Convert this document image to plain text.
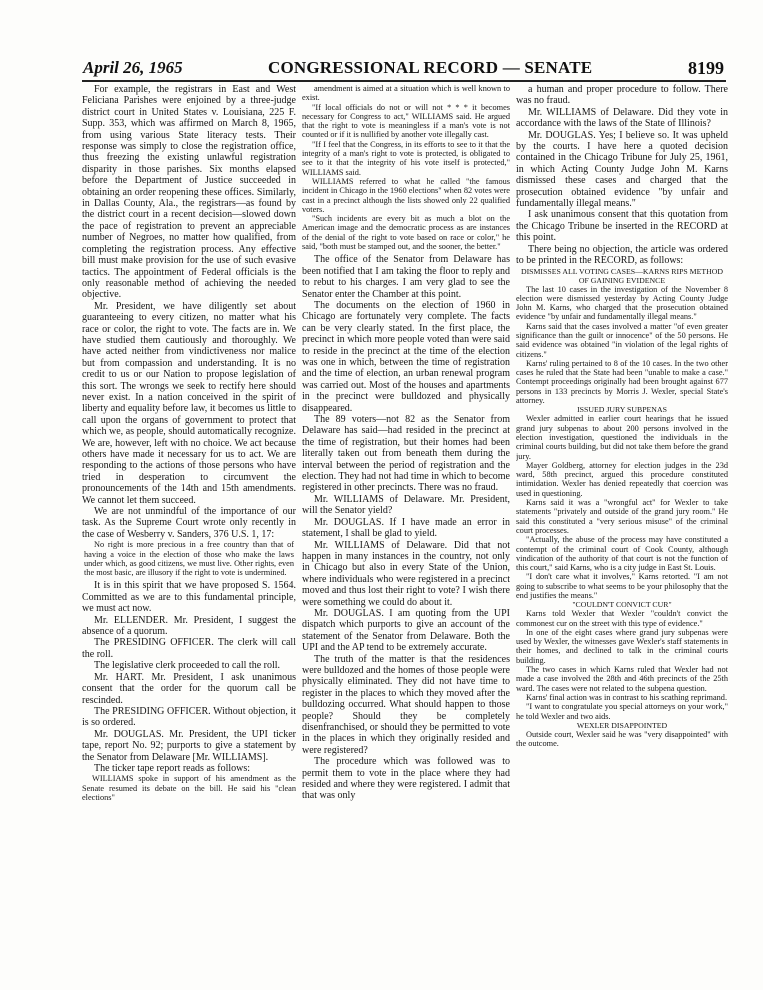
April 26, 1965	CONGRESSIONAL RECORD — SENATE	8199

For example, the registrars in East and West Feliciana Parishes were enjoined by a three-judge district court in United States v. Louisiana, 225 F. Supp. 353, which was affirmed on March 8, 1965, from using various State literacy tests. Their response was simply to close the registration office, thus freezing the existing unlawful registration disparity in those parishes. Six months elapsed before the Department of Justice succeeded in obtaining an order reopening these offices. Similarly, in Dallas County, Ala., the registrars—as found by the district court in a recent decision—slowed down the pace of registration to prevent an appreciable number of Negroes, no matter how qualified, from completing the registration process. Any effective bill must make provision for the use of such evasive tactics. The appointment of Federal officials is the only reasonable method of achieving the needed objective.

Mr. President, we have diligently set about guaranteeing to every citizen, no matter what his race or color, the right to vote. The facts are in. We have studied them cautiously and thoroughly. We have acted neither from vindictiveness nor malice but from compassion and understanding. It is no credit to us or our Nation to propose legislation of this sort. The wrongs we seek to rectify here should never exist. In a nation conceived in the spirit of liberty and equality before law, it becomes us little to call upon the organs of government to protect that which we, as people, should automatically recognize. We are, however, left with no choice. We act because others have made it necessary for us to act. We are responding to the actions of those persons who have tried in desperation to circumvent the pronouncements of the 14th and 15th amendments. We cannot let them succeed.

We are not unmindful of the importance of our task. As the Supreme Court wrote only recently in the case of Wesberry v. Sanders, 376 U.S. 1, 17:

No right is more precious in a free country than that of having a voice in the election of those who make the laws under which, as good citizens, we must live. Other rights, even the most basic, are illusory if the right to vote is undermined.

It is in this spirit that we have proposed S. 1564. Committed as we are to this fundamental principle, we must act now.

Mr. ELLENDER. Mr. President, I suggest the absence of a quorum.

The PRESIDING OFFICER. The clerk will call the roll.

The legislative clerk proceeded to call the roll.

Mr. HART. Mr. President, I ask unanimous consent that the order for the quorum call be rescinded.

The PRESIDING OFFICER. Without objection, it is so ordered.

Mr. DOUGLAS. Mr. President, the UPI ticker tape, report No. 92; purports to give a statement by the Senator from Delaware [Mr. WILLIAMS].

The ticker tape report reads as follows:

WILLIAMS spoke in support of his amendment as the Senate resumed its debate on the bill. He said his "clean elections"

amendment is aimed at a situation which is well known to exist.

"If local officials do not or will not * * * it becomes necessary for Congress to act," WILLIAMS said. He argued that the right to vote is meaningless if a man's vote is not counted or if it is nullified by another vote illegally cast.

"If I feel that the Congress, in its efforts to see to it that the integrity of a man's right to vote is protected, is obligated to see to it that the integrity of his vote itself is protected," WILLIAMS said.

WILLIAMS referred to what he called "the famous incident in Chicago in the 1960 elections" when 82 votes were cast in a precinct although the lists showed only 22 qualified voters.

"Such incidents are every bit as much a blot on the American image and the democratic process as are instances of the denial of the right to vote based on race or color," he said, "both must be stamped out, and the sooner, the better."

The office of the Senator from Delaware has been notified that I am taking the floor to reply and to rebut to his charges. I am very glad to see the Senator enter the Chamber at this point.

The documents on the election of 1960 in Chicago are fortunately very complete. The facts can be very clearly stated. In the first place, the precinct in which more people voted than were said to reside in the precinct at the time of the election was one in which, between the time of registration and the time of election, an urban renewal program was carried out. Most of the houses and apartments in the precinct were bulldozed and physically disappeared.

The 89 voters—not 82 as the Senator from Delaware has said—had resided in the precinct at the time of registration, but their homes had been literally taken out from beneath them during the interval between the period of registration and the election. They had not had time in which to become registered in other precincts. There was no fraud.

Mr. WILLIAMS of Delaware. Mr. President, will the Senator yield?

Mr. DOUGLAS. If I have made an error in statement, I shall be glad to yield.

Mr. WILLIAMS of Delaware. Did that not happen in many instances in the country, not only in Chicago but also in every State of the Union, where individuals who were registered in a precinct moved and thus lost their right to vote? I wish there were something we could do about it.

Mr. DOUGLAS. I am quoting from the UPI dispatch which purports to give an account of the statement of the Senator from Delaware. Both the UPI and the AP tend to be extremely accurate.

The truth of the matter is that the residences were bulldozed and the homes of those people were physically eliminated. They did not have time to register in the places to which they moved after the bulldozing occurred. What should happen to those people? Should they be completely disenfranchised, or should they be permitted to vote in the places in which they originally resided and were registered?

The procedure which was followed was to permit them to vote in the place where they had resided and where they were registered. I admit that that was only

a human and proper procedure to follow. There was no fraud.

Mr. WILLIAMS of Delaware. Did they vote in accordance with the laws of the State of Illinois?

Mr. DOUGLAS. Yes; I believe so. It was upheld by the courts. I have here a quoted decision contained in the Chicago Tribune for July 25, 1961, in which Acting County Judge John M. Karns dismissed these cases and charged that the prosecution obtained evidence "by unfair and fundamentally illegal means."

I ask unanimous consent that this quotation from the Chicago Tribune be inserted in the RECORD at this point.

There being no objection, the article was ordered to be printed in the RECORD, as follows:

DISMISSES ALL VOTING CASES—KARNS RIPS METHOD OF GAINING EVIDENCE

The last 10 cases in the investigation of the November 8 election were dismissed yesterday by Acting County Judge John M. Karns, who charged that the prosecution obtained evidence "by unfair and fundamentally illegal means."

Karns said that the cases involved a matter "of even greater significance than the guilt or innocence" of the 50 persons. He said evidence was obtained "in violation of the legal rights of citizens."

Karns' ruling pertained to 8 of the 10 cases. In the two other cases he ruled that the State had been "unable to make a case." Contempt proceedings originally had been brought against 677 persons in 133 precincts by Morris J. Wexler, special State's attorney.

ISSUED JURY SUBPENAS

Wexler admitted in earlier court hearings that he issued grand jury subpenas to about 200 persons involved in the election investigation, questioned the individuals in the criminal courts building, but did not take them before the grand jury.

Mayer Goldberg, attorney for election judges in the 23d ward, 58th precinct, argued this procedure constituted intimidation. Wexler has denied repeatedly that coercion was used in questioning.

Karns said it was a "wrongful act" for Wexler to take statements "privately and outside of the grand jury room." He said this constituted a "very serious misuse" of the criminal court processes.

"Actually, the abuse of the process may have constituted a contempt of the criminal court of Cook County, although vindication of the authority of that court is not the function of this court," said Karns, who is a city judge in East St. Louis.

"I don't care what it involves," Karns retorted. "I am not going to subscribe to what seems to be your philosophy that the end justifies the means."

"COULDN'T CONVICT CUR"

Karns told Wexler that Wexler "couldn't convict the commonest cur on the street with this type of evidence."

In one of the eight cases where grand jury subpenas were used by Wexler, the witnesses gave Wexler's staff statements in their homes, and declined to talk in the criminal courts building.

The two cases in which Karns ruled that Wexler had not made a case involved the 28th and 46th precincts of the 25th ward. The cases were not related to the subpena question.

Karns' final action was in contrast to his scathing reprimand.

"I want to congratulate you special attorneys on your work," he told Wexler and two aids.

WEXLER DISAPPOINTED

Outside court, Wexler said he was "very disappointed" with the outcome.
